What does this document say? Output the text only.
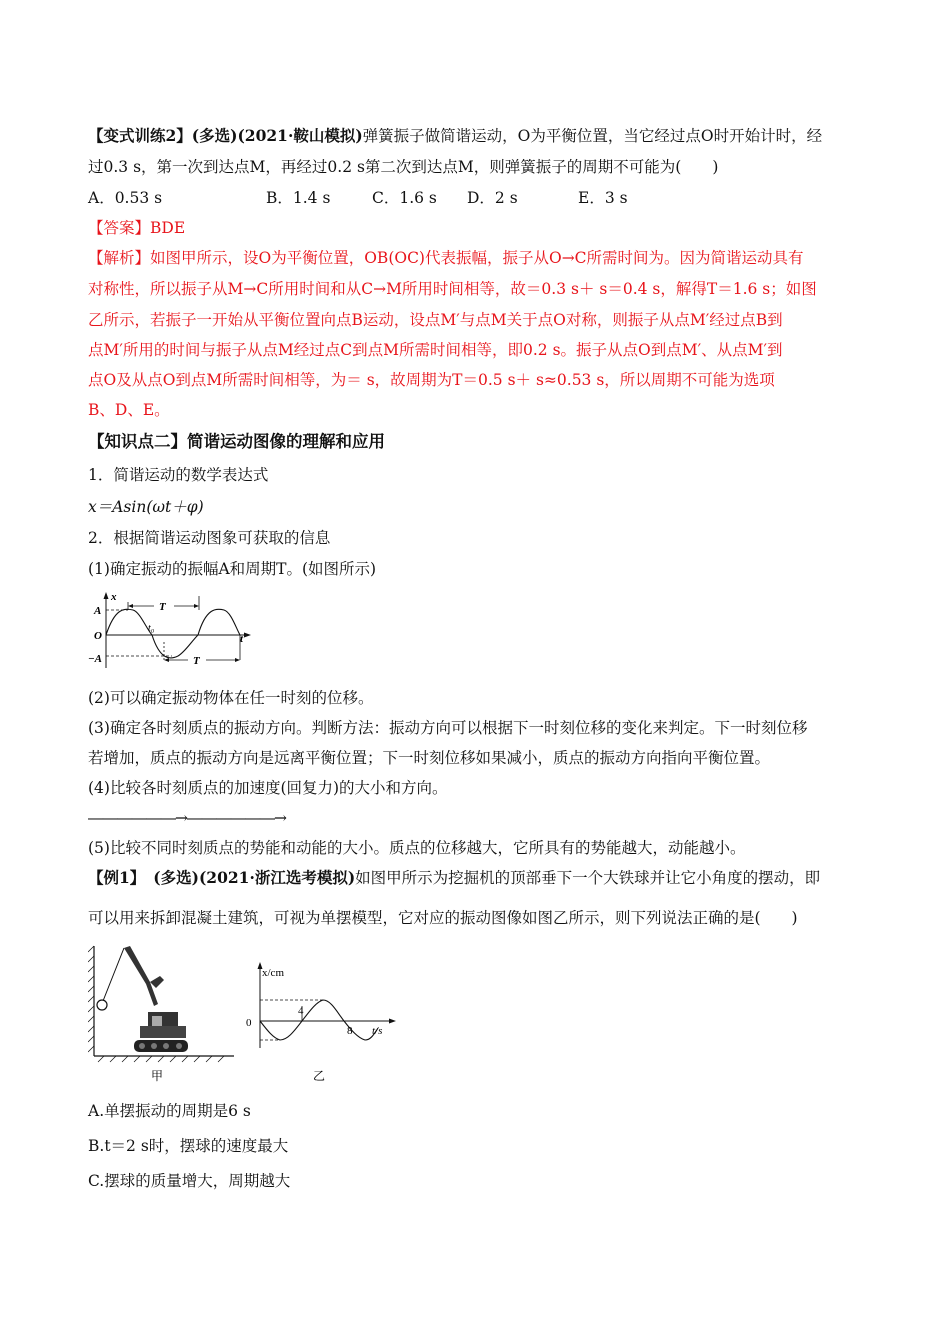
【变式训练2】(多选)(2021·鞍山模拟)弹簧振子做简谐运动，O为平衡位置，当它经过点O时开始计时，经
过0.3 s，第一次到达点M，再经过0.2 s第二次到达点M，则弹簧振子的周期不可能为(　　)
A．0.53 s	B．1.4 s	C．1.6 s D．2 s	E．3 s
【答案】BDE
【解析】如图甲所示，设O为平衡位置，OB(OC)代表振幅，振子从O→C所需时间为。因为简谐运动具有
对称性，所以振子从M→C所用时间和从C→M所用时间相等，故＝0.3 s＋ s＝0.4 s，解得T＝1.6 s；如图
乙所示，若振子一开始从平衡位置向点B运动，设点M′与点M关于点O对称，则振子从点M′经过点B到
点M′所用的时间与振子从点M经过点C到点M所需时间相等，即0.2 s。振子从点O到点M′、从点M′到
点O及从点O到点M所需时间相等，为＝ s，故周期为T＝0.5 s＋ s≈0.53 s，所以周期不可能为选项
B、D、E。
【知识点二】简谐运动图像的理解和应用
1．简谐运动的数学表达式
x＝Asin(ωt＋φ)
2．根据简谐运动图象可获取的信息
(1)确定振动的振幅A和周期T。(如图所示)
x
A
O
−A
T
t₀
T
t
(2)可以确定振动物体在任一时刻的位移。
(3)确定各时刻质点的振动方向。判断方法：振动方向可以根据下一时刻位移的变化来判定。下一时刻位移
若增加，质点的振动方向是远离平衡位置；下一时刻位移如果减小，质点的振动方向指向平衡位置。
(4)比较各时刻质点的加速度(回复力)的大小和方向。
――――――→――――――→
(5)比较不同时刻质点的势能和动能的大小。质点的位移越大，它所具有的势能越大，动能越小。
【例1】 (多选)(2021·浙江选考模拟)如图甲所示为挖掘机的顶部垂下一个大铁球并让它小角度的摆动，即
可以用来拆卸混凝土建筑，可视为单摆模型，它对应的振动图像如图乙所示，则下列说法正确的是(　　)
甲
x/cm
0
4
8 t/s
乙
A.单摆振动的周期是6 s
B.t＝2 s时，摆球的速度最大
C.摆球的质量增大，周期越大
